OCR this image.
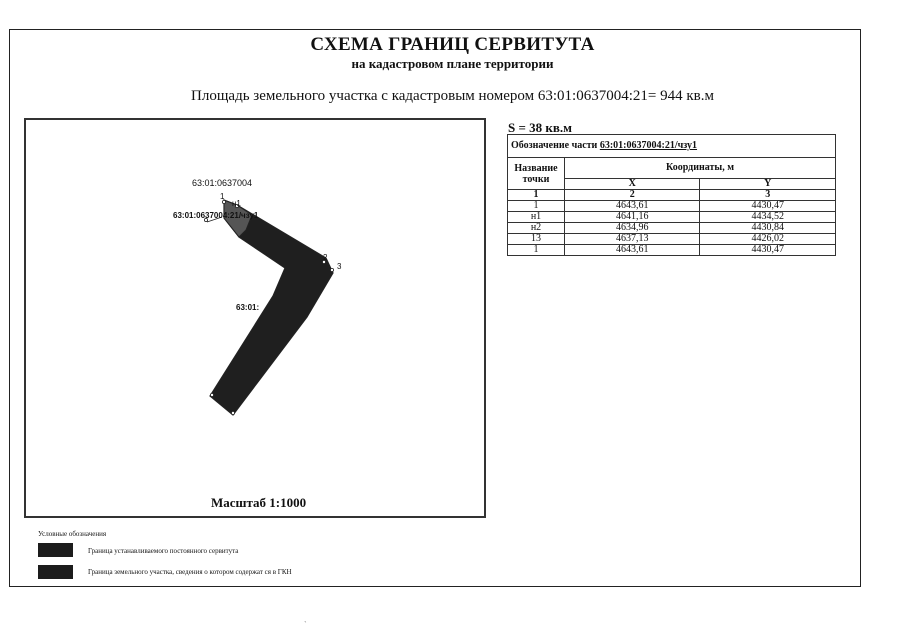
СХЕМА ГРАНИЦ СЕРВИТУТА
на кадастровом плане территории
Площадь земельного участка с кадастровым номером 63:01:0637004:21= 944 кв.м
63:01:0637004
63:01:0637004:21/чзу1
63:01:
1
н1
2
3
Масштаб 1:1000
S = 38 кв.м
Обозначение части 63:01:0637004:21/чзу1		
Название точки	Координаты, м	
	X	Y
1	2	3
1	4643,61	4430,47
н1	4641,16	4434,52
н2	4634,96	4430,84
13	4637,13	4426,02
1	4643,61	4430,47
Условные обозначения
Граница устанавливаемого постоянного сервитута
Граница земельного участка, сведения о котором содержат ся в ГКН
`
